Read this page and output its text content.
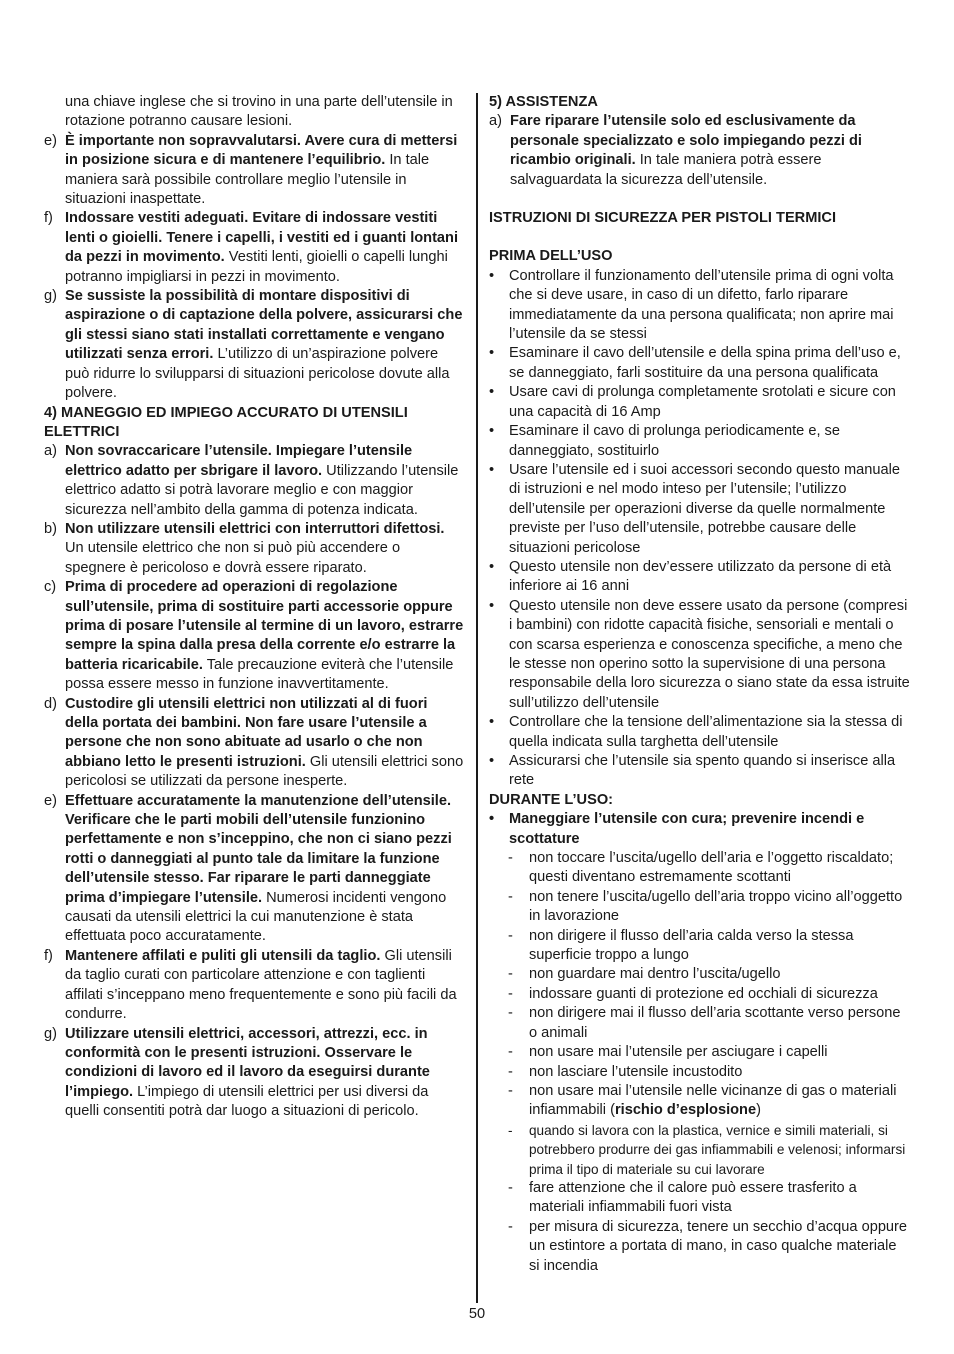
una chiave inglese che si trovino in una parte dell’utensile in rotazione potranno causare lesioni.
e) È importante non sopravvalutarsi. Avere cura di mettersi in posizione sicura e di mantenere l’equilibrio. In tale maniera sarà possibile controllare meglio l’utensile in situazioni inaspettate.
f) Indossare vestiti adeguati. Evitare di indossare vestiti lenti o gioielli. Tenere i capelli, i vestiti ed i guanti lontani da pezzi in movimento. Vestiti lenti, gioielli o capelli lunghi potranno impigliarsi in pezzi in movimento.
g) Se sussiste la possibilità di montare dispositivi di aspirazione o di captazione della polvere, assicurarsi che gli stessi siano stati installati correttamente e vengano utilizzati senza errori. L’utilizzo di un’aspirazione polvere può ridurre lo svilupparsi di situazioni pericolose dovute alla polvere.
4) MANEGGIO ED IMPIEGO ACCURATO DI UTENSILI ELETTRICI
a) Non sovraccaricare l’utensile. Impiegare l’utensile elettrico adatto per sbrigare il lavoro. Utilizzando l’utensile elettrico adatto si potrà lavorare meglio e con maggior sicurezza nell’ambito della gamma di potenza indicata.
b) Non utilizzare utensili elettrici con interruttori difettosi. Un utensile elettrico che non si può più accendere o spegnere è pericoloso e dovrà essere riparato.
c) Prima di procedere ad operazioni di regolazione sull’utensile, prima di sostituire parti accessorie oppure prima di posare l’utensile al termine di un lavoro, estrarre sempre la spina dalla presa della corrente e/o estrarre la batteria ricaricabile. Tale precauzione eviterà che l’utensile possa essere messo in funzione inavvertitamente.
d) Custodire gli utensili elettrici non utilizzati al di fuori della portata dei bambini. Non fare usare l’utensile a persone che non sono abituate ad usarlo o che non abbiano letto le presenti istruzioni. Gli utensili elettrici sono pericolosi se utilizzati da persone inesperte.
e) Effettuare accuratamente la manutenzione dell’utensile. Verificare che le parti mobili dell’utensile funzionino perfettamente e non s’inceppino, che non ci siano pezzi rotti o danneggiati al punto tale da limitare la funzione dell’utensile stesso. Far riparare le parti danneggiate prima d’impiegare l’utensile. Numerosi incidenti vengono causati da utensili elettrici la cui manutenzione è stata effettuata poco accuratamente.
f) Mantenere affilati e puliti gli utensili da taglio. Gli utensili da taglio curati con particolare attenzione e con taglienti affilati s’inceppano meno frequentemente e sono più facili da condurre.
g) Utilizzare utensili elettrici, accessori, attrezzi, ecc. in conformità con le presenti istruzioni. Osservare le condizioni di lavoro ed il lavoro da eseguirsi durante l’impiego. L’impiego di utensili elettrici per usi diversi da quelli consentiti potrà dar luogo a situazioni di pericolo.
5) ASSISTENZA
a) Fare riparare l’utensile solo ed esclusivamente da personale specializzato e solo impiegando pezzi di ricambio originali. In tale maniera potrà essere salvaguardata la sicurezza dell’utensile.
ISTRUZIONI DI SICUREZZA PER PISTOLI TERMICI
PRIMA DELL’USO
• Controllare il funzionamento dell’utensile prima di ogni volta che si deve usare, in caso di un difetto, farlo riparare immediatamente da una persona qualificata; non aprire mai l’utensile da se stessi
• Esaminare il cavo dell’utensile e della spina prima dell’uso e, se danneggiato, farli sostituire da una persona qualificata
• Usare cavi di prolunga completamente srotolati e sicure con una capacità di 16 Amp
• Esaminare il cavo di prolunga periodicamente e, se danneggiato, sostituirlo
• Usare l’utensile ed i suoi accessori secondo questo manuale di istruzioni e nel modo inteso per l’utensile; l’utilizzo dell’utensile per operazioni diverse da quelle normalmente previste per l’uso dell’utensile, potrebbe causare delle situazioni pericolose
• Questo utensile non dev’essere utilizzato da persone di età inferiore ai 16 anni
• Questo utensile non deve essere usato da persone (compresi i bambini) con ridotte capacità fisiche, sensoriali e mentali o con scarsa esperienza e conoscenza specifiche, a meno che le stesse non operino sotto la supervisione di una persona responsabile della loro sicurezza o siano state da essa istruite sull’utilizzo dell’utensile
• Controllare che la tensione dell’alimentazione sia la stessa di quella indicata sulla targhetta dell’utensile
• Assicurarsi che l’utensile sia spento quando si inserisce alla rete
DURANTE L’USO:
• Maneggiare l’utensile con cura; prevenire incendi e scottature
- non toccare l’uscita/ugello dell’aria e l’oggetto riscaldato; questi diventano estremamente scottanti
- non tenere l’uscita/ugello dell’aria troppo vicino all’oggetto in lavorazione
- non dirigere il flusso dell’aria calda verso la stessa superficie troppo a lungo
- non guardare mai dentro l’uscita/ugello
- indossare guanti di protezione ed occhiali di sicurezza
- non dirigere mai il flusso dell’aria scottante verso persone o animali
- non usare mai l’utensile per asciugare i capelli
- non lasciare l’utensile incustodito
- non usare mai l’utensile nelle vicinanze di gas o materiali infiammabili (rischio d’esplosione)
- quando si lavora con la plastica, vernice e simili materiali, si potrebbero produrre dei gas infiammabili e velenosi; informarsi prima il tipo di materiale su cui lavorare
- fare attenzione che il calore può essere trasferito a materiali infiammabili fuori vista
- per misura di sicurezza, tenere un secchio d’acqua oppure un estintore a portata di mano, in caso qualche materiale si incendia
50
